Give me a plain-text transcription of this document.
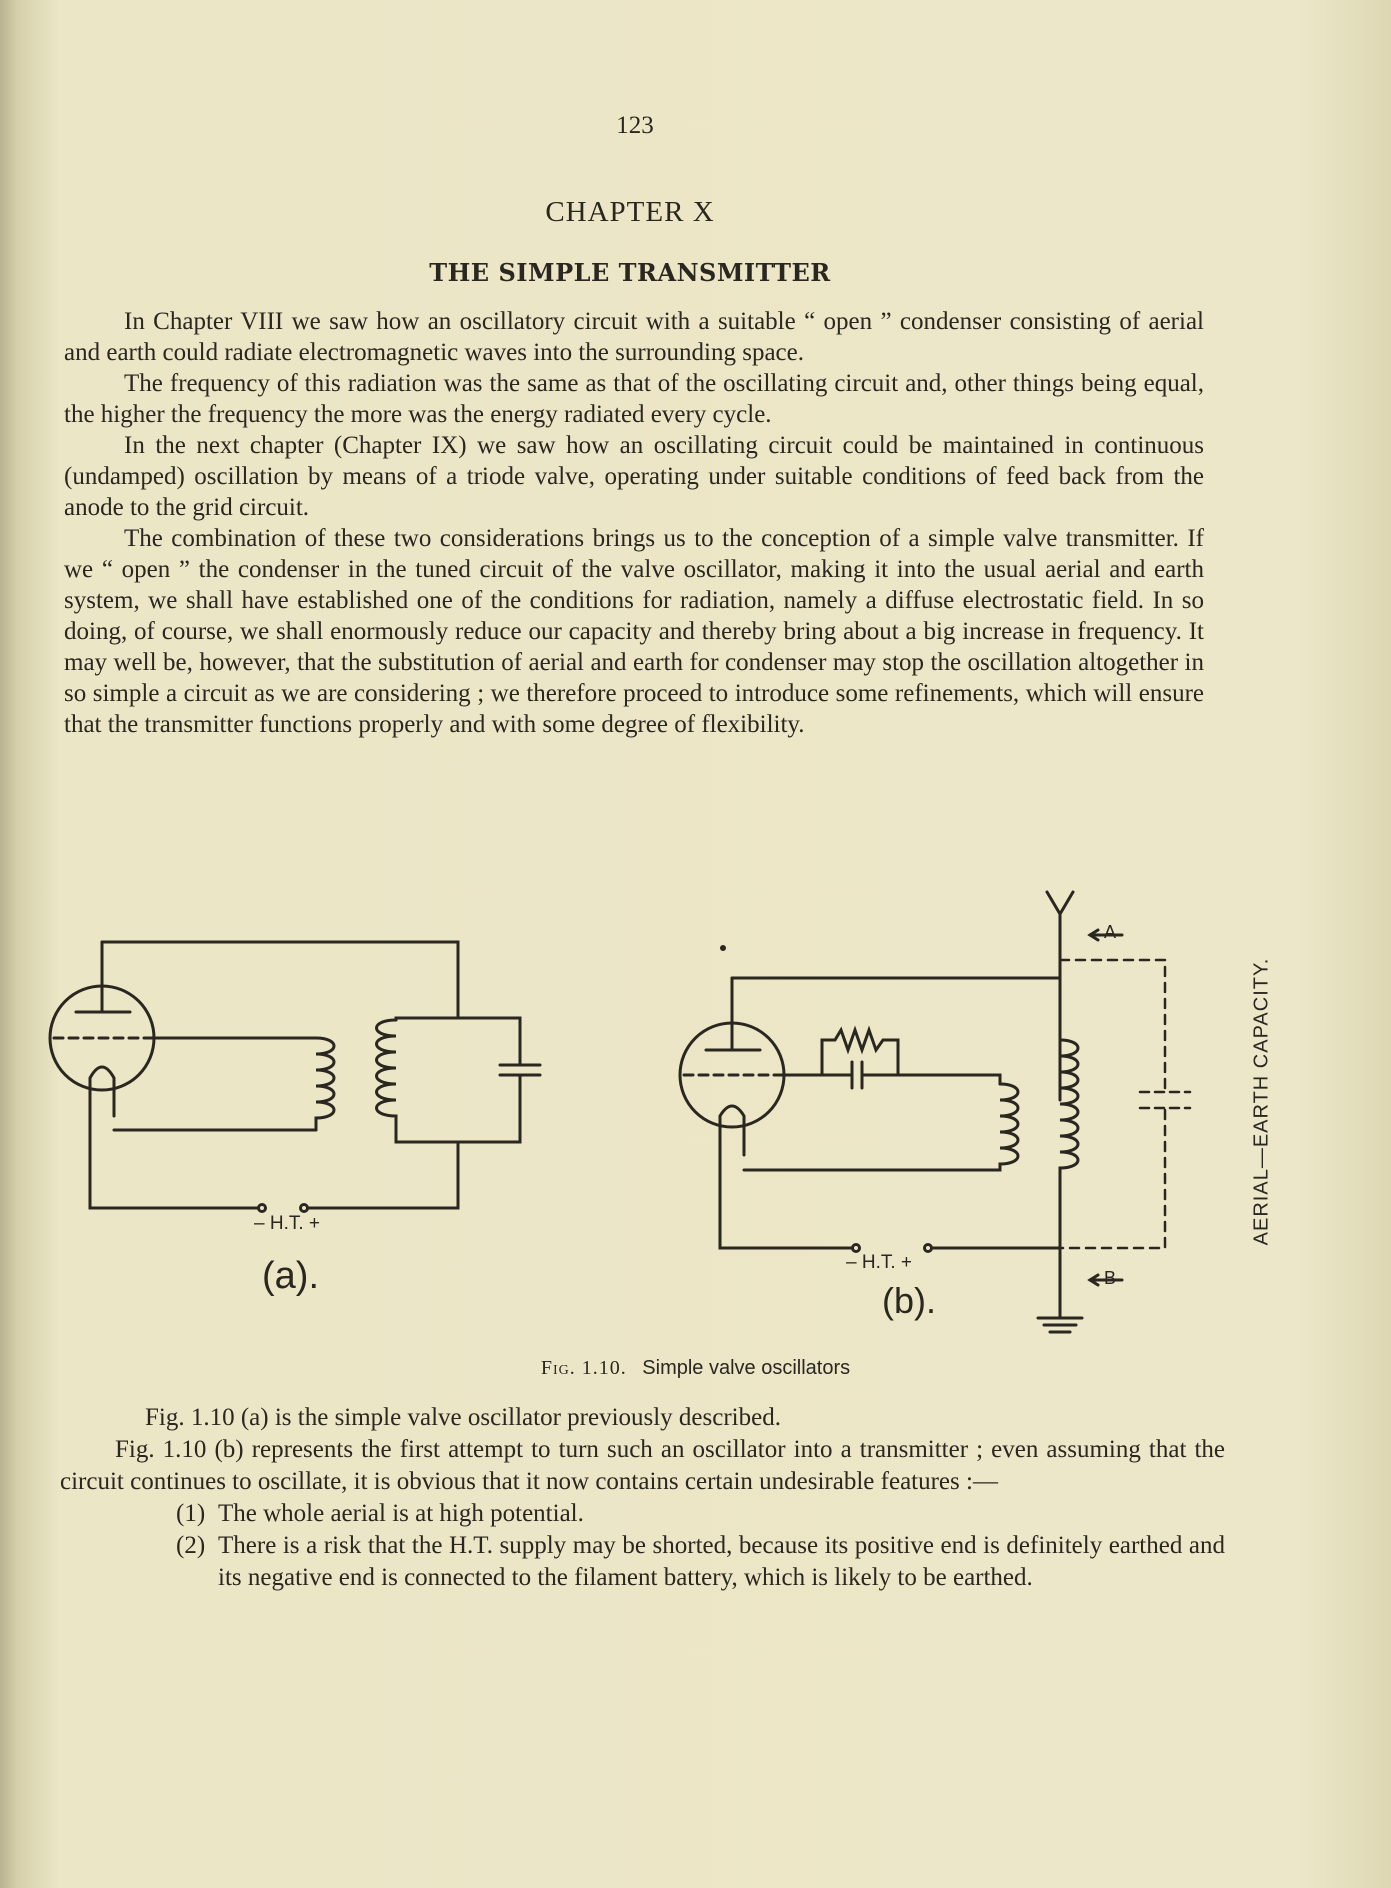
123
CHAPTER X
THE SIMPLE TRANSMITTER

In Chapter VIII we saw how an oscillatory circuit with a suitable “ open ” condenser consisting of aerial and earth could radiate electromagnetic waves into the surrounding space.

The frequency of this radiation was the same as that of the oscillating circuit and, other things being equal, the higher the frequency the more was the energy radiated every cycle.

In the next chapter (Chapter IX) we saw how an oscillating circuit could be maintained in continuous (undamped) oscillation by means of a triode valve, operating under suitable conditions of feed back from the anode to the grid circuit.

The combination of these two considerations brings us to the conception of a simple valve transmitter. If we “ open ” the condenser in the tuned circuit of the valve oscillator, making it into the usual aerial and earth system, we shall have established one of the conditions for radiation, namely a diffuse electrostatic field. In so doing, of course, we shall enormously reduce our capacity and thereby bring about a big increase in frequency. It may well be, however, that the substitution of aerial and earth for condenser may stop the oscillation altogether in so simple a circuit as we are considering ; we therefore proceed to introduce some refinements, which will ensure that the transmitter functions properly and with some degree of flexibility.

– H.T. +
(a).	– H.T. +
(b).
A
B
AERIAL—EARTH CAPACITY.
Fig. 1.10. Simple valve oscillators

Fig. 1.10 (a) is the simple valve oscillator previously described.

Fig. 1.10 (b) represents the first attempt to turn such an oscillator into a transmitter ; even assuming that the circuit continues to oscillate, it is obvious that it now contains certain undesirable features :—

(1) The whole aerial is at high potential.
(2) There is a risk that the H.T. supply may be shorted, because its positive end is definitely earthed and its negative end is connected to the filament battery, which is likely to be earthed.
